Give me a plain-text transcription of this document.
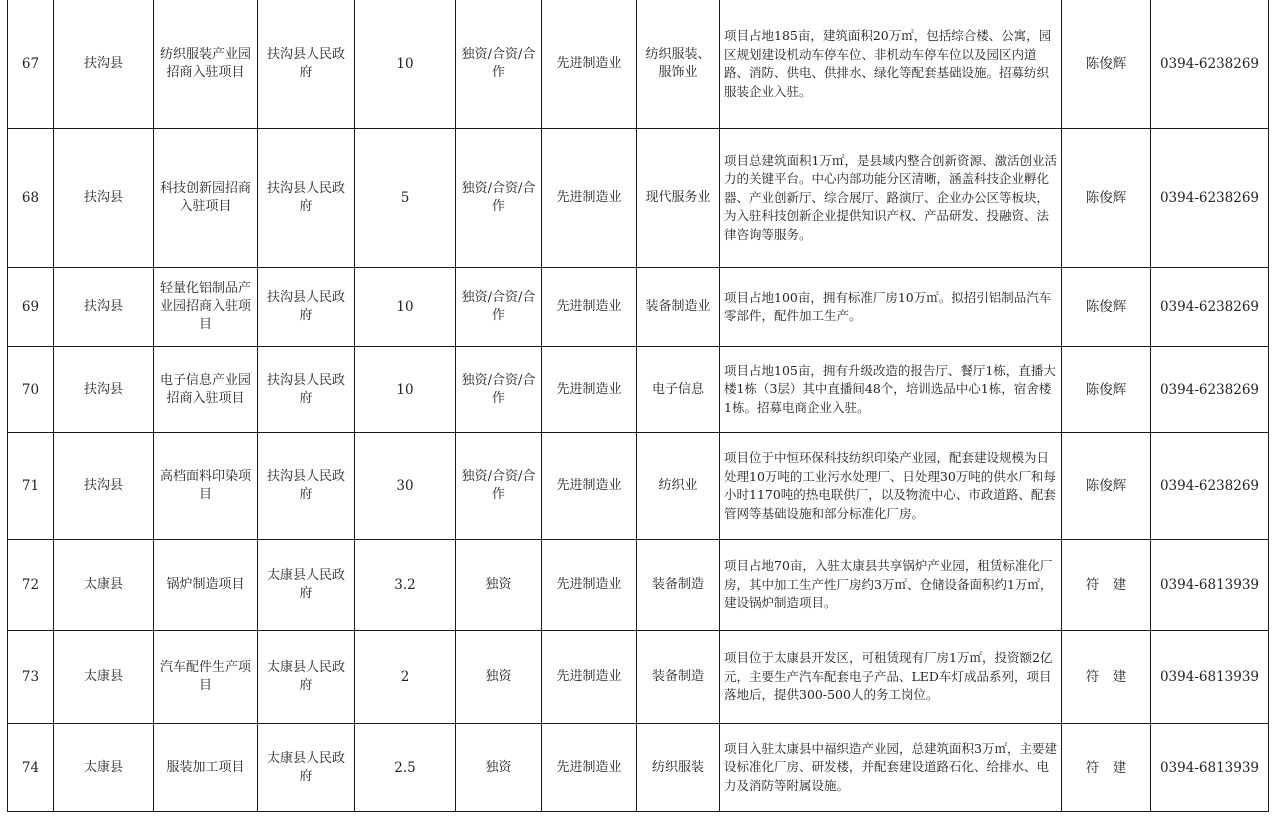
67	扶沟县	纺织服装产业园招商入驻项目	扶沟县人民政府	10	独资/合资/合作	先进制造业	纺织服装、服饰业	项目占地185亩，建筑面积20万㎡，包括综合楼、公寓，园区规划建设机动车停车位、非机动车停车位以及园区内道路、消防、供电、供排水、绿化等配套基础设施。招募纺织服装企业入驻。	陈俊辉	0394-6238269
68	扶沟县	科技创新园招商入驻项目	扶沟县人民政府	5	独资/合资/合作	先进制造业	现代服务业	项目总建筑面积1万㎡，是县域内整合创新资源、激活创业活力的关键平台。中心内部功能分区清晰，涵盖科技企业孵化器、产业创新厅、综合展厅、路演厅、企业办公区等板块，为入驻科技创新企业提供知识产权、产品研发、投融资、法律咨询等服务。	陈俊辉	0394-6238269
69	扶沟县	轻量化铝制品产业园招商入驻项目	扶沟县人民政府	10	独资/合资/合作	先进制造业	装备制造业	项目占地100亩，拥有标准厂房10万㎡。拟招引铝制品汽车零部件，配件加工生产。	陈俊辉	0394-6238269
70	扶沟县	电子信息产业园招商入驻项目	扶沟县人民政府	10	独资/合资/合作	先进制造业	电子信息	项目占地105亩，拥有升级改造的报告厅、餐厅1栋，直播大楼1栋（3层）其中直播间48个，培训选品中心1栋，宿舍楼1栋。招募电商企业入驻。	陈俊辉	0394-6238269
71	扶沟县	高档面料印染项目	扶沟县人民政府	30	独资/合资/合作	先进制造业	纺织业	项目位于中恒环保科技纺织印染产业园，配套建设规模为日处理10万吨的工业污水处理厂、日处理30万吨的供水厂和每小时1170吨的热电联供厂，以及物流中心、市政道路、配套管网等基础设施和部分标准化厂房。	陈俊辉	0394-6238269
72	太康县	锅炉制造项目	太康县人民政府	3.2	独资	先进制造业	装备制造	项目占地70亩，入驻太康县共享锅炉产业园，租赁标准化厂房，其中加工生产性厂房约3万㎡、仓储设备面积约1万㎡，建设锅炉制造项目。	符　建	0394-6813939
73	太康县	汽车配件生产项目	太康县人民政府	2	独资	先进制造业	装备制造	项目位于太康县开发区，可租赁现有厂房1万㎡，投资额2亿元，主要生产汽车配套电子产品、LED车灯成品系列，项目落地后，提供300-500人的务工岗位。	符　建	0394-6813939
74	太康县	服装加工项目	太康县人民政府	2.5	独资	先进制造业	纺织服装	项目入驻太康县中福织造产业园，总建筑面积3万㎡，主要建设标准化厂房、研发楼，并配套建设道路石化、给排水、电力及消防等附属设施。	符　建	0394-6813939
